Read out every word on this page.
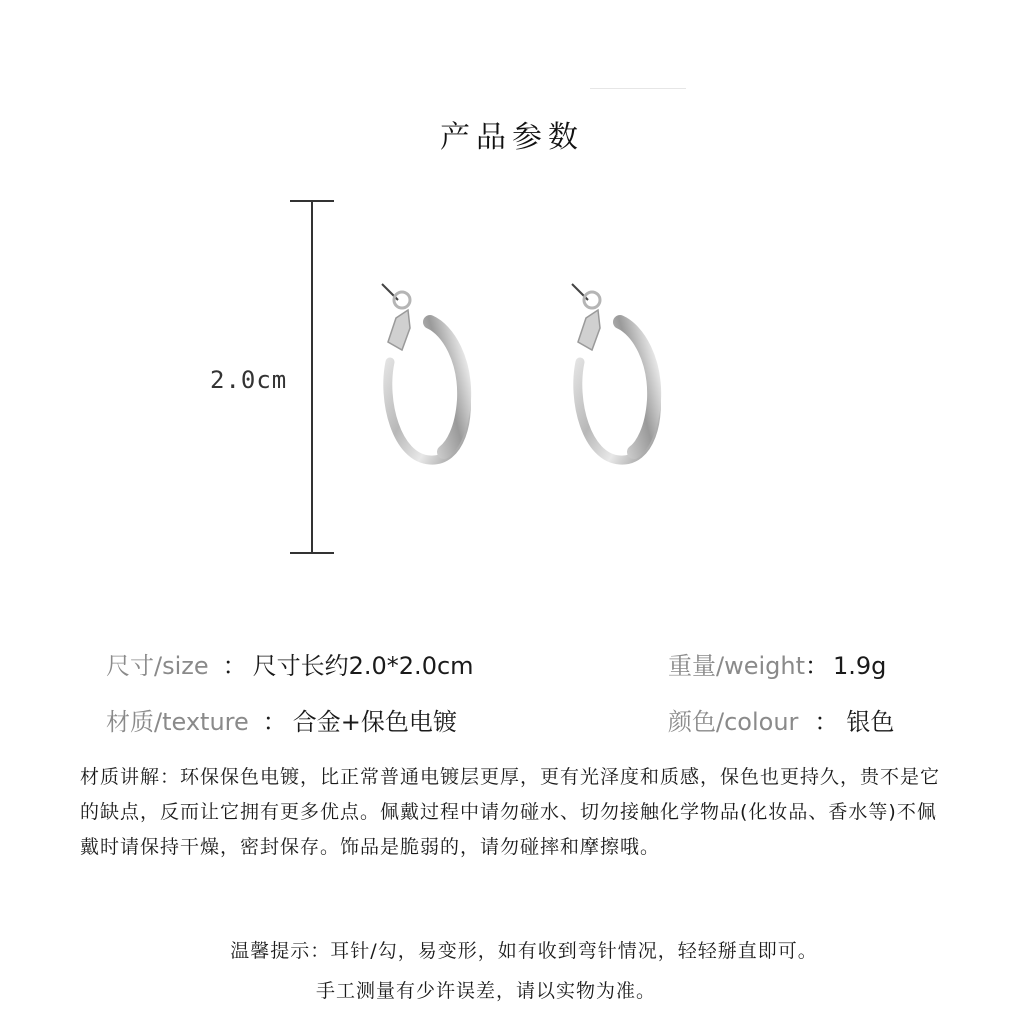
产品参数
2.0cm
尺寸/size ： 尺寸长约2.0*2.0cm	重量/weight： 1.9g
材质/texture ： 合金+保色电镀	颜色/colour ： 银色
材质讲解：环保保色电镀，比正常普通电镀层更厚，更有光泽度和质感，保色也更持久，贵不是它的缺点，反而让它拥有更多优点。佩戴过程中请勿碰水、切勿接触化学物品(化妆品、香水等)不佩戴时请保持干燥，密封保存。饰品是脆弱的，请勿碰摔和摩擦哦。
温馨提示：耳针/勾，易变形，如有收到弯针情况，轻轻掰直即可。
手工测量有少许误差，请以实物为准。
